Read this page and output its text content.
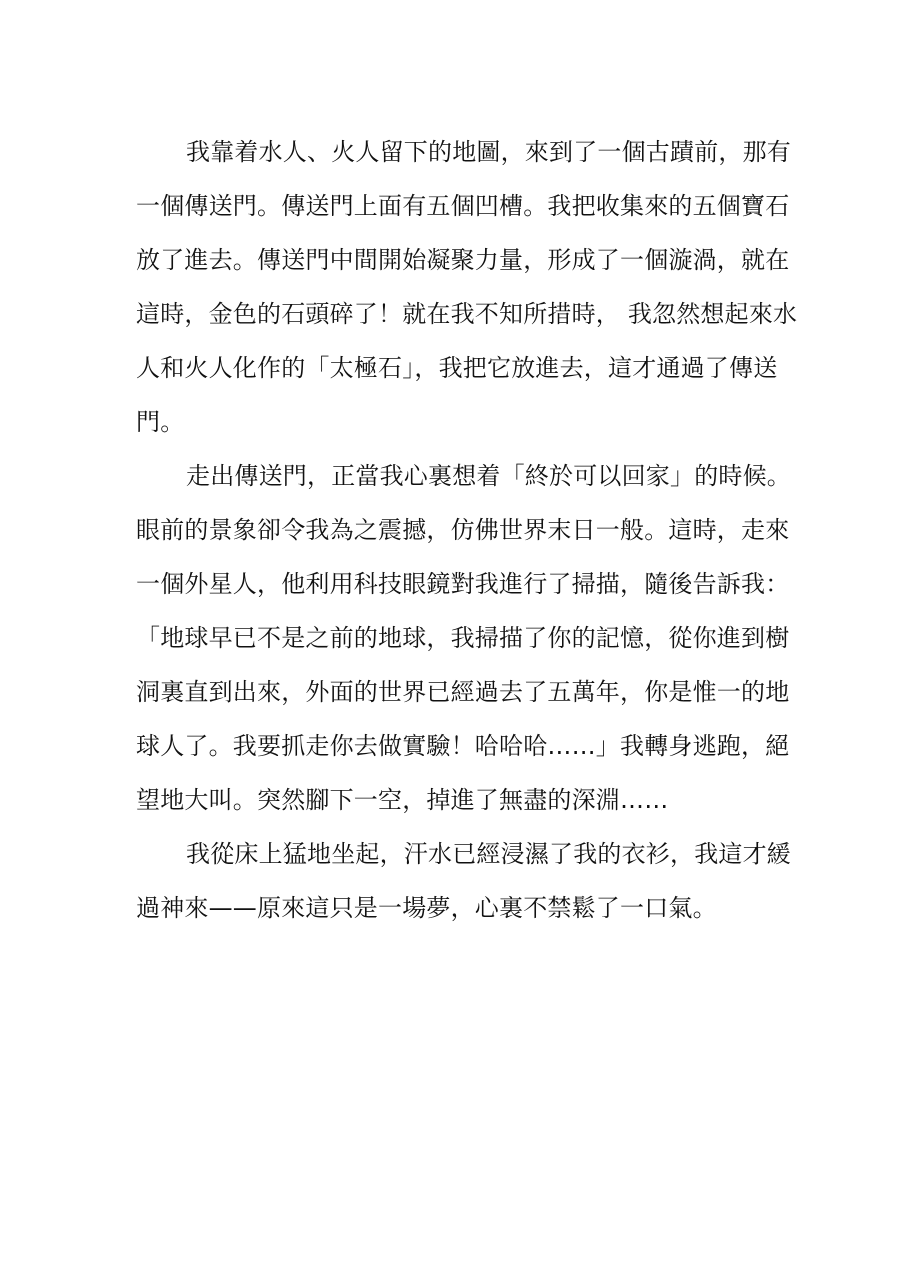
我靠着水人、火人留下的地圖，來到了一個古蹟前，那有
一個傳送門。傳送門上面有五個凹槽。我把收集來的五個寶石
放了進去。傳送門中間開始凝聚力量，形成了一個漩渦，就在
這時，金色的石頭碎了！就在我不知所措時， 我忽然想起來水
人和火人化作的「太極石」，我把它放進去，這才通過了傳送
門。
走出傳送門，正當我心裏想着「終於可以回家」的時候。
眼前的景象卻令我為之震撼，仿佛世界末日一般。這時，走來
一個外星人，他利用科技眼鏡對我進行了掃描，隨後告訴我：
「地球早已不是之前的地球，我掃描了你的記憶，從你進到樹
洞裏直到出來，外面的世界已經過去了五萬年，你是惟一的地
球人了。我要抓走你去做實驗！哈哈哈……」我轉身逃跑，絕
望地大叫。突然腳下一空，掉進了無盡的深淵……
我從床上猛地坐起，汗水已經浸濕了我的衣衫，我這才緩
過神來——原來這只是一場夢，心裏不禁鬆了一口氣。
